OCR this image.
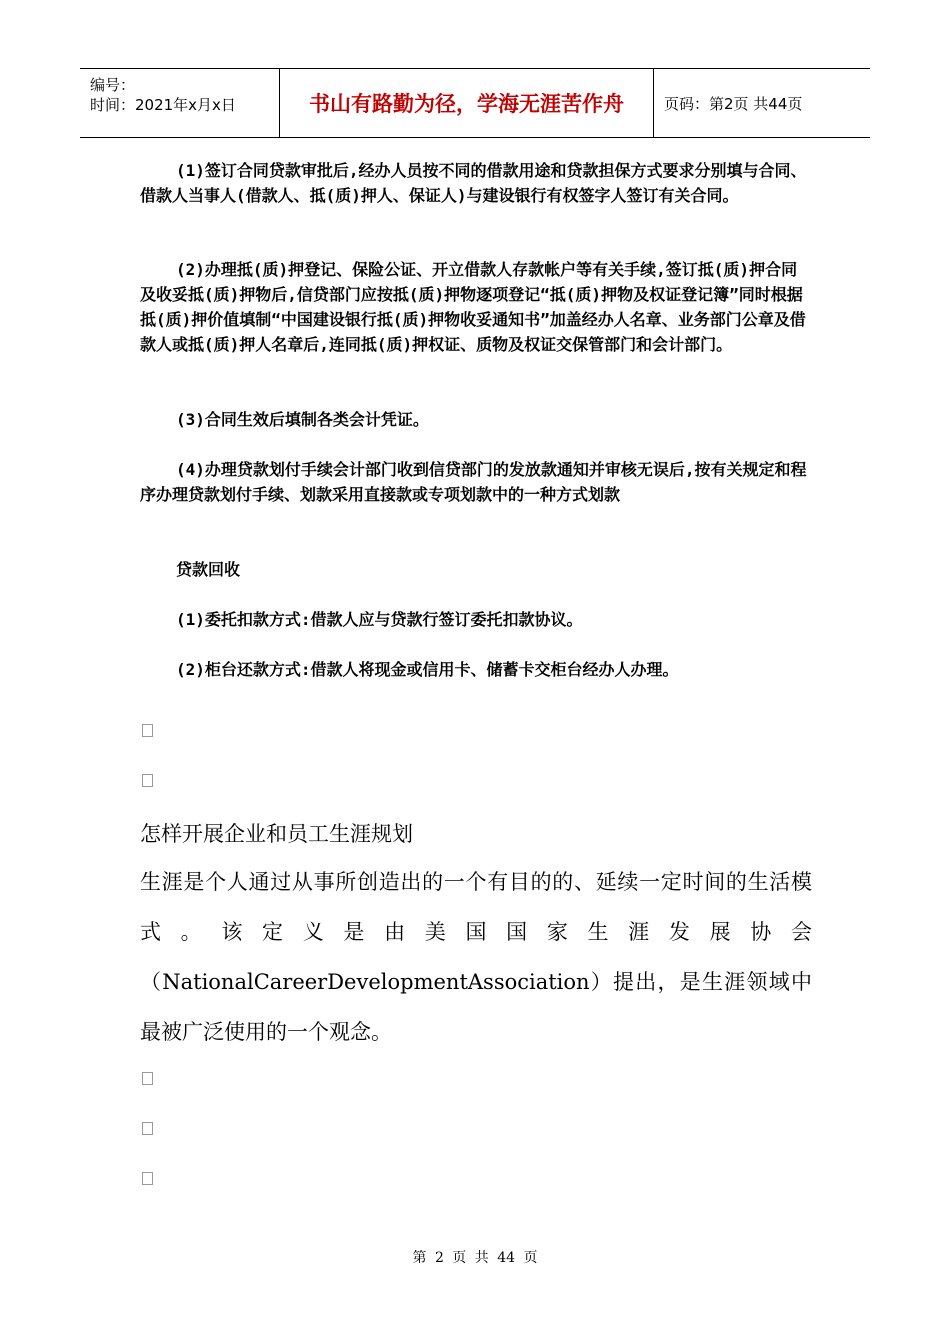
编号：
时间：2021年x月x日	书山有路勤为径，学海无涯苦作舟	页码：第2页 共44页

(1)签订合同贷款审批后,经办人员按不同的借款用途和贷款担保方式要求分别填与合同、借款人当事人(借款人、抵(质)押人、保证人)与建设银行有权签字人签订有关合同。

(2)办理抵(质)押登记、保险公证、开立借款人存款帐户等有关手续,签订抵(质)押合同及收妥抵(质)押物后,信贷部门应按抵(质)押物逐项登记“抵(质)押物及权证登记簿”同时根据抵(质)押价值填制“中国建设银行抵(质)押物收妥通知书”加盖经办人名章、业务部门公章及借款人或抵(质)押人名章后,连同抵(质)押权证、质物及权证交保管部门和会计部门。

(3)合同生效后填制各类会计凭证。

(4)办理贷款划付手续会计部门收到信贷部门的发放款通知并审核无误后,按有关规定和程序办理贷款划付手续、划款采用直接款或专项划款中的一种方式划款

贷款回收

(1)委托扣款方式:借款人应与贷款行签订委托扣款协议。

(2)柜台还款方式:借款人将现金或信用卡、储蓄卡交柜台经办人办理。

怎样开展企业和员工生涯规划

生涯是个人通过从事所创造出的一个有目的的、延续一定时间的生活模式。该定义是由美国国家生涯发展协会（NationalCareerDevelopmentAssociation）提出，是生涯领域中最被广泛使用的一个观念。

第 2 页 共 44 页
